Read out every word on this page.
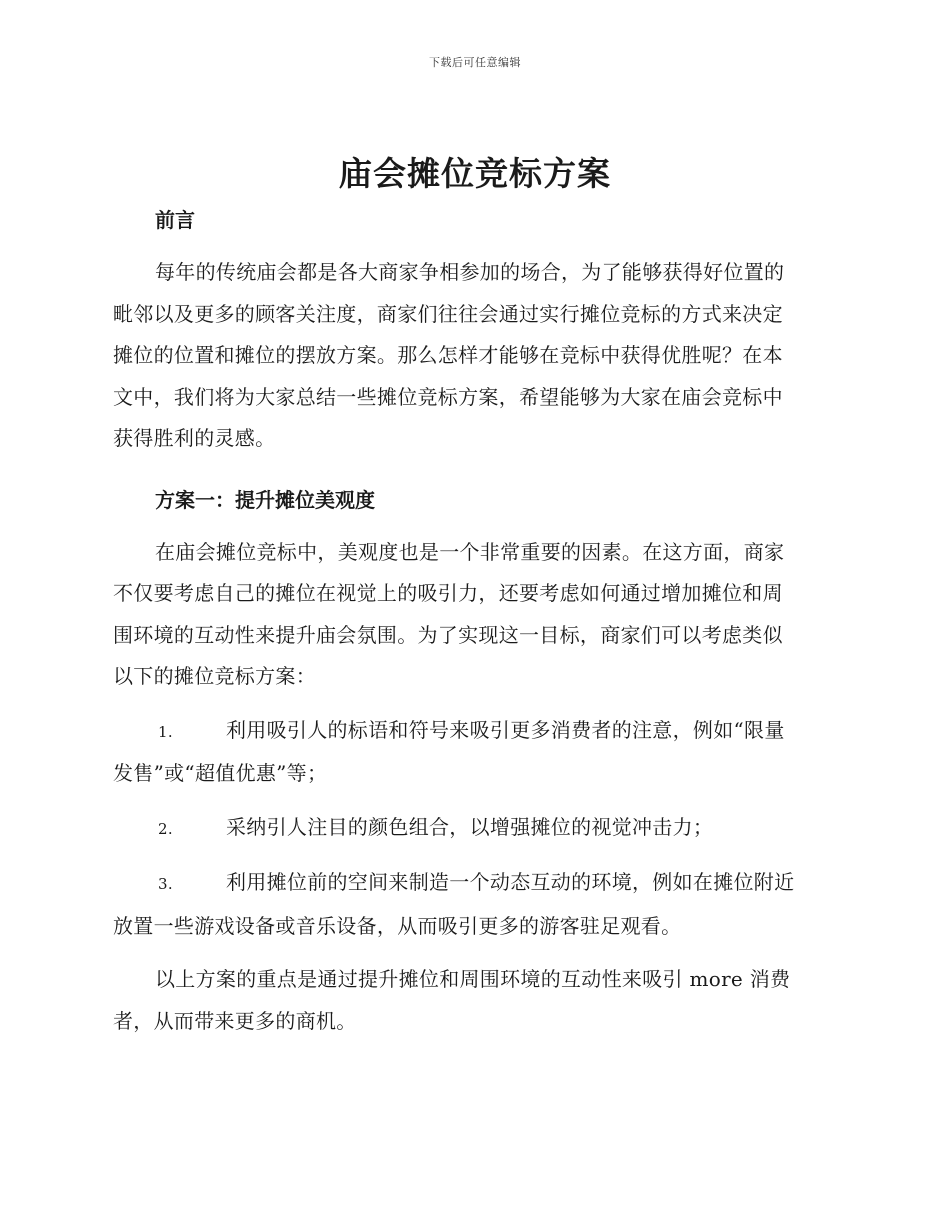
下载后可任意编辑
庙会摊位竞标方案
前言

每年的传统庙会都是各大商家争相参加的场合，为了能够获得好位置的
毗邻以及更多的顾客关注度，商家们往往会通过实行摊位竞标的方式来决定
摊位的位置和摊位的摆放方案。那么怎样才能够在竞标中获得优胜呢？在本
文中，我们将为大家总结一些摊位竞标方案，希望能够为大家在庙会竞标中
获得胜利的灵感。

方案一：提升摊位美观度

在庙会摊位竞标中，美观度也是一个非常重要的因素。在这方面，商家
不仅要考虑自己的摊位在视觉上的吸引力，还要考虑如何通过增加摊位和周
围环境的互动性来提升庙会氛围。为了实现这一目标，商家们可以考虑类似
以下的摊位竞标方案：

1.	利用吸引人的标语和符号来吸引更多消费者的注意，例如“限量
发售”或“超值优惠”等；

2.	采纳引人注目的颜色组合，以增强摊位的视觉冲击力；

3.	利用摊位前的空间来制造一个动态互动的环境，例如在摊位附近
放置一些游戏设备或音乐设备，从而吸引更多的游客驻足观看。

以上方案的重点是通过提升摊位和周围环境的互动性来吸引 more 消费
者，从而带来更多的商机。
